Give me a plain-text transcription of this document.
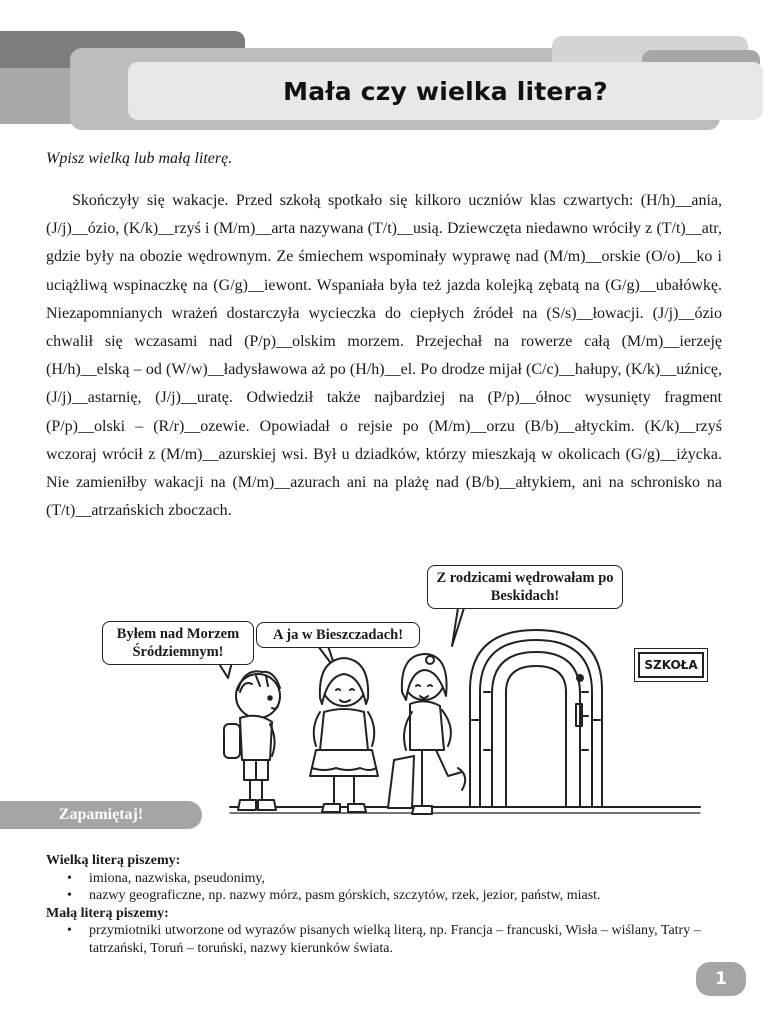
Mała czy wielka litera?
Wpisz wielką lub małą literę.

Skończyły się wakacje. Przed szkołą spotkało się kilkoro uczniów klas czwartych: (H/h)__ania, (J/j)__ózio, (K/k)__rzyś i (M/m)__arta nazywana (T/t)__usią. Dziewczęta niedawno wróciły z (T/t)__atr, gdzie były na obozie wędrownym. Ze śmiechem wspominały wyprawę nad (M/m)__orskie (O/o)__ko i uciążliwą wspinaczkę na (G/g)__iewont. Wspaniała była też jazda kolejką zębatą na (G/g)__ubałówkę. Niezapomnianych wrażeń dostarczyła wycieczka do ciepłych źródeł na (S/s)__łowacji. (J/j)__ózio chwalił się wczasami nad (P/p)__olskim morzem. Przejechał na rowerze całą (M/m)__ierzeję (H/h)__elską – od (W/w)__ładysławowa aż po (H/h)__el. Po drodze mijał (C/c)__hałupy, (K/k)__uźnicę, (J/j)__astarnię, (J/j)__uratę. Odwiedził także najbardziej na (P/p)__ółnoc wysunięty fragment (P/p)__olski – (R/r)__ozewie. Opowiadał o rejsie po (M/m)__orzu (B/b)__ałtyckim. (K/k)__rzyś wczoraj wrócił z (M/m)__azurskiej wsi. Był u dziadków, którzy mieszkają w okolicach (G/g)__iżycka. Nie zamieniłby wakacji na (M/m)__azurach ani na plażę nad (B/b)__ałtykiem, ani na schronisko na (T/t)__atrzańskich zboczach.

Byłem nad Morzem Śródziemnym!
A ja w Bieszczadach!
Z rodzicami wędrowałam po Beskidach!
SZKOŁA
Zapamiętaj!
Wielką literą piszemy:
• imiona, nazwiska, pseudonimy,
• nazwy geograficzne, np. nazwy mórz, pasm górskich, szczytów, rzek, jezior, państw, miast.
Małą literą piszemy:
• przymiotniki utworzone od wyrazów pisanych wielką literą, np. Francja – francuski, Wisła – wiślany, Tatry – tatrzański, Toruń – toruński, nazwy kierunków świata.
1
